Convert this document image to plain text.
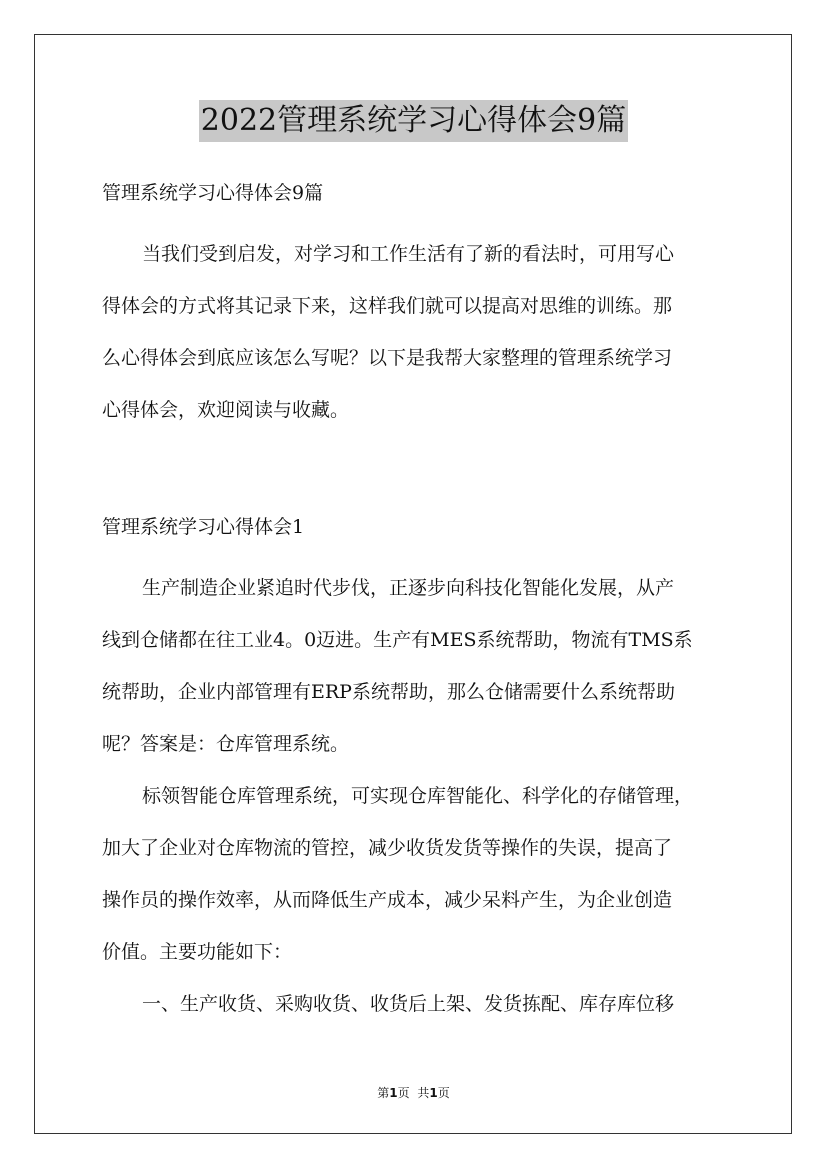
2022管理系统学习心得体会9篇

管理系统学习心得体会9篇

当我们受到启发，对学习和工作生活有了新的看法时，可用写心
得体会的方式将其记录下来，这样我们就可以提高对思维的训练。那
么心得体会到底应该怎么写呢？以下是我帮大家整理的管理系统学习
心得体会，欢迎阅读与收藏。

管理系统学习心得体会1

生产制造企业紧追时代步伐，正逐步向科技化智能化发展，从产
线到仓储都在往工业4。0迈进。生产有MES系统帮助，物流有TMS系
统帮助，企业内部管理有ERP系统帮助，那么仓储需要什么系统帮助
呢？答案是：仓库管理系统。
标领智能仓库管理系统，可实现仓库智能化、科学化的存储管理，
加大了企业对仓库物流的管控，减少收货发货等操作的失误，提高了
操作员的操作效率，从而降低生产成本，减少呆料产生，为企业创造
价值。主要功能如下：
一、生产收货、采购收货、收货后上架、发货拣配、库存库位移
第1页 共1页
